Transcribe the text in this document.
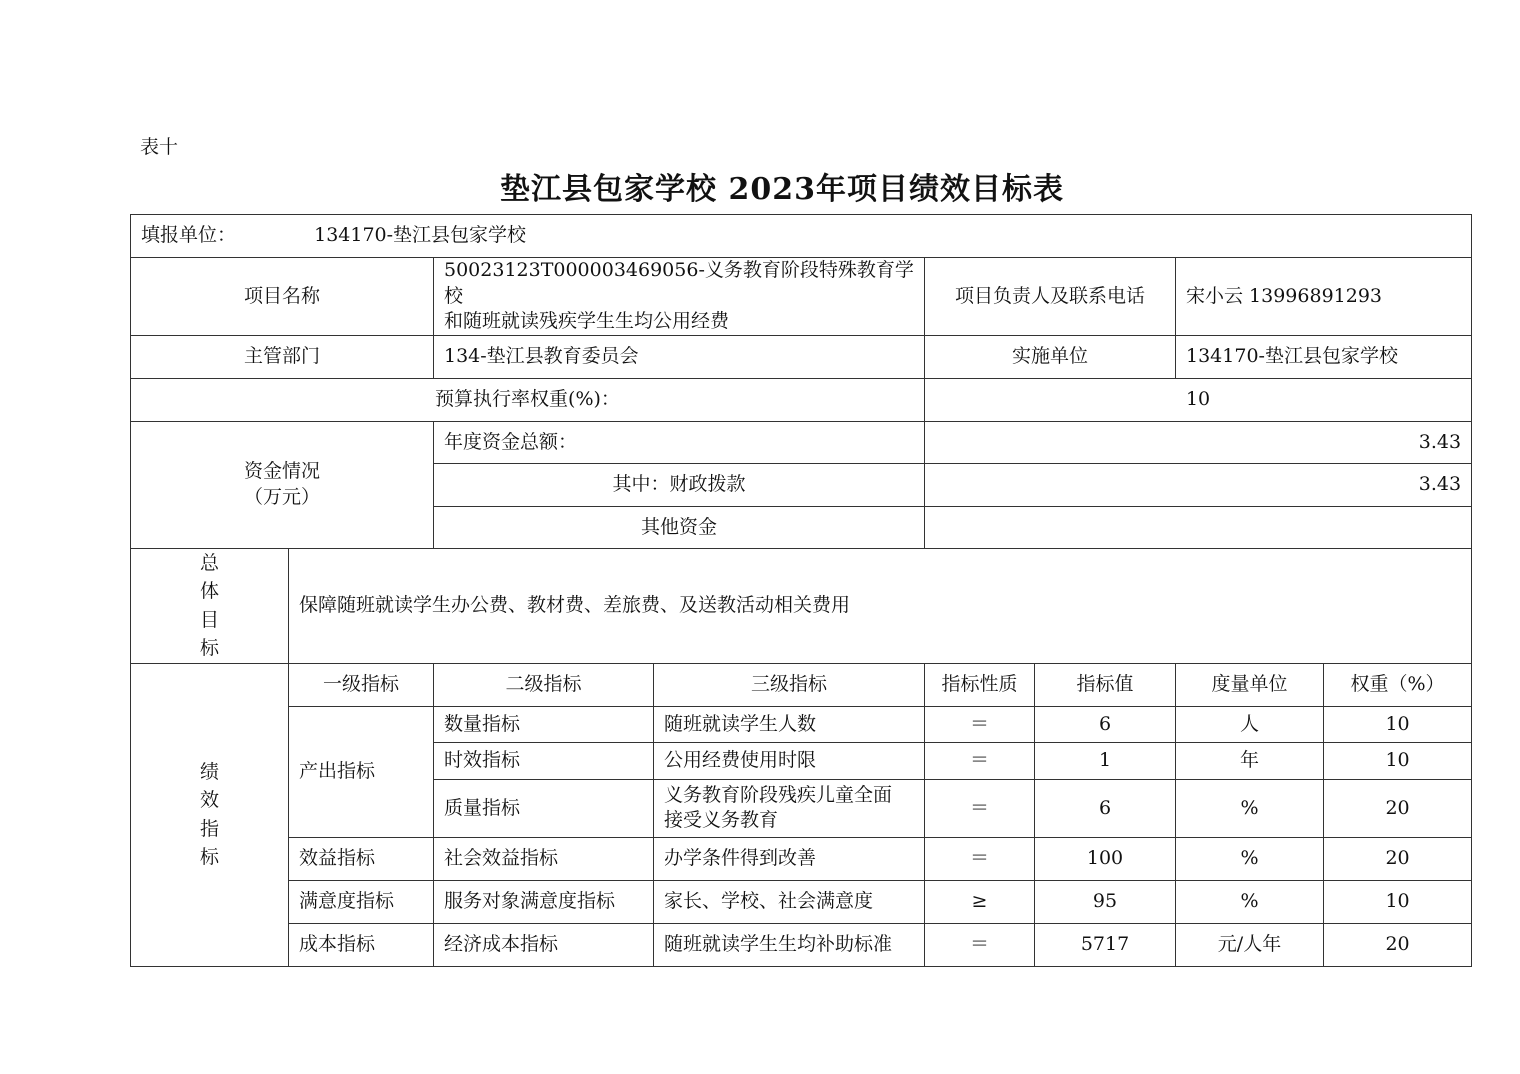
表十
垫江县包家学校 2023年项目绩效目标表
填报单位： 134170-垫江县包家学校							
项目名称		50023123T000003469056-义务教育阶段特殊教育学校
和随班就读残疾学生生均公用经费		项目负责人及联系电话		宋小云 13996891293	
主管部门		134-垫江县教育委员会		实施单位		134170-垫江县包家学校	
预算执行率权重(%)：				10			

资金情况
（万元）		年度资金总额：		3.43			
		其中：财政拨款		3.43			
		其他资金					

总
体
目
标	保障随班就读学生办公费、教材费、差旅费、及送教活动相关费用						

绩
效
指
标	一级指标	二级指标	三级指标	指标性质	指标值	度量单位	权重（%）
	产出指标	数量指标	随班就读学生人数	＝	6	人	10
		时效指标	公用经费使用时限	＝	1	年	10
		质量指标	义务教育阶段残疾儿童全面
接受义务教育	＝	6	%	20
	效益指标	社会效益指标	办学条件得到改善	＝	100	%	20
	满意度指标	服务对象满意度指标	家长、学校、社会满意度	≥	95	%	10
	成本指标	经济成本指标	随班就读学生生均补助标准	＝	5717	元/人年	20
